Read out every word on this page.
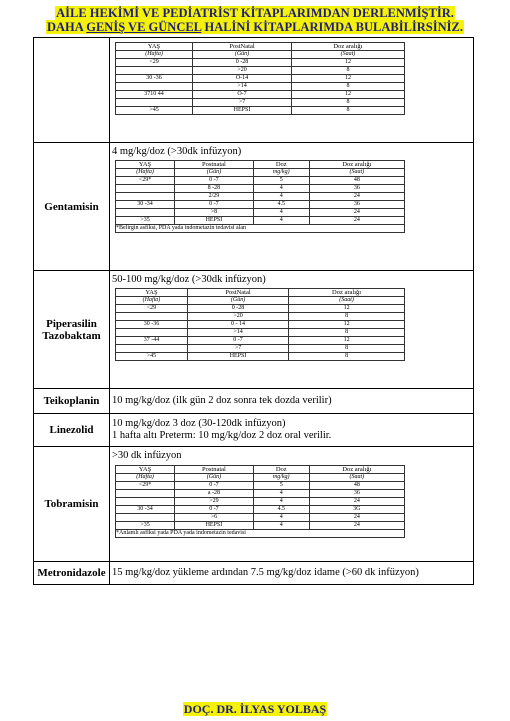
AİLE HEKİMİ VE PEDİATRİST KİTAPLARIMDAN DERLENMİŞTİR.
DAHA GENİŞ VE GÜNCEL HALİNİ KİTAPLARIMDA BULABİLİRSİNİZ.

YAŞ	PostNatal	Doz aralığı
(Hafta)	(Gün)	(Saat)
<29	0 -28	12
	>20	8
30 -36	O-14	12
	>14	8
3710 44	O-7	12
	>7	8
>45	HEPSİ	8

Gentamisin	
4 mg/kg/doz (>30dk infüzyon)
YAŞ	Postnatal	Doz	Doz aralığı
(Hafta)	(Gün)	mg/kg)	(Saat)
<29*	0 -7	5	48
	8 -28	4	36
	2/29	4	24
30 -34	0 -7	4.5	36
	>8	4	24
>35	HEPSI	4	24
*Belirgin asfiksi, PDA yada indometazin tedavisi alan

Piperasilin Tazobaktam

50-100 mg/kg/doz (>30dk infüzyon)
YAŞ	PostNatal	Doz aralığı
(Hafta)	(Gün)	(Saat)
<29	0 -28	12
	>20	8
30 -36	0 - 14	12
	>14	8
37 -44	0 -7	12
	>7	8
>45	HEPSİ	8

Teikoplanin	10 mg/kg/doz (ilk gün 2 doz sonra tek dozda verilir)

Linezolid	
10 mg/kg/doz 3 doz (30-120dk infüzyon)
1 hafta altı Preterm: 10 mg/kg/doz 2 doz oral verilir.

Tobramisin	
>30 dk infüzyon
YAŞ	Postnatal	Doz	Doz aralığı
(Hafta)	(Gün)	mg/kg)	(Saat)
<29*	0 -7	5	48
	a -28	4	36
	>29	4	24
30 -34	0 -7	4.5	3G
	>6	4	24
>35	HEPSİ	4	24
*Anlamlı asfiksi yada PDA yada indometazin tedavisi

Metronidazole	15 mg/kg/doz yükleme ardından 7.5 mg/kg/doz idame (>60 dk infüzyon)
DOÇ. DR. İLYAS YOLBAŞ
